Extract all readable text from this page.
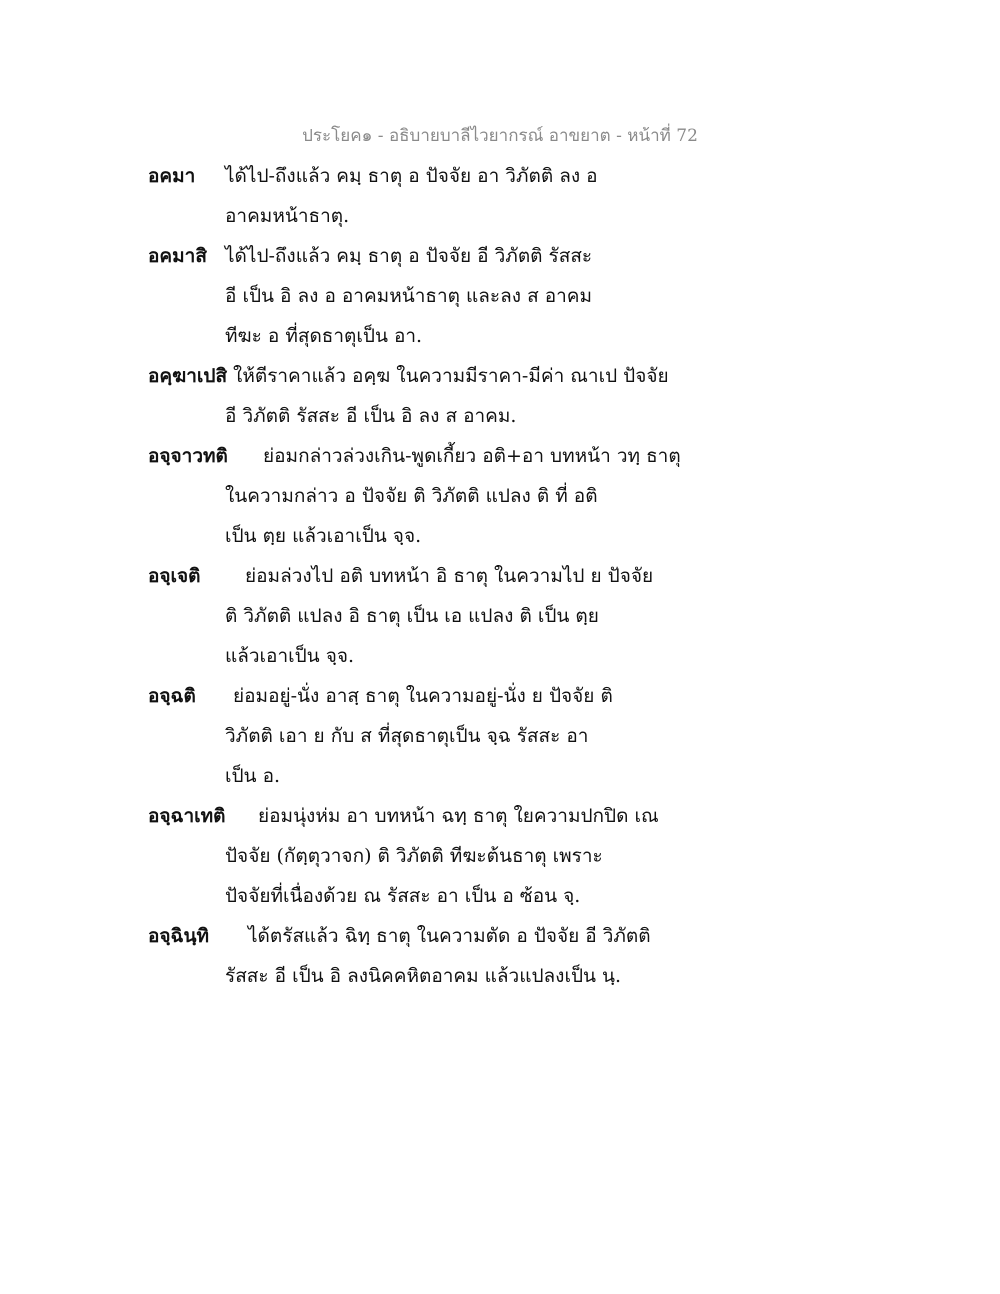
ประโยค๑ - อธิบายบาลีไวยากรณ์ อาขยาต - หน้าที่ 72
อคมา ได้ไป-ถึงแล้ว คมฺ ธาตุ อ ปัจจัย อา วิภัตติ ลง อ
อาคมหน้าธาตุ.
อคมาสิ ได้ไป-ถึงแล้ว คมฺ ธาตุ อ ปัจจัย อี วิภัตติ รัสสะ
อี เป็น อิ ลง อ อาคมหน้าธาตุ และลง ส อาคม
ทีฆะ อ ที่สุดธาตุเป็น อา.
อคฺฆาเปสิ ให้ตีราคาแล้ว อคฺฆ ในความมีราคา-มีค่า ณาเป ปัจจัย
อี วิภัตติ รัสสะ อี เป็น อิ ลง ส อาคม.
อจฺจาวทติ ย่อมกล่าวล่วงเกิน-พูดเกี้ยว อติ+อา บทหน้า วทฺ ธาตุ
ในความกล่าว อ ปัจจัย ติ วิภัตติ แปลง ติ ที่ อติ
เป็น ตฺย แล้วเอาเป็น จฺจ.
อจฺเจติ ย่อมล่วงไป อติ บทหน้า อิ ธาตุ ในความไป ย ปัจจัย
ติ วิภัตติ แปลง อิ ธาตุ เป็น เอ แปลง ติ เป็น ตฺย
แล้วเอาเป็น จฺจ.
อจฺฉติ ย่อมอยู่-นั่ง อาสฺ ธาตุ ในความอยู่-นั่ง ย ปัจจัย ติ
วิภัตติ เอา ย กับ ส ที่สุดธาตุเป็น จฺฉ รัสสะ อา
เป็น อ.
อจฺฉาเทติ ย่อมนุ่งห่ม อา บทหน้า ฉทฺ ธาตุ ใยความปกปิด เณ
ปัจจัย (กัตฺตุวาจก) ติ วิภัตติ ทีฆะต้นธาตุ เพราะ
ปัจจัยที่เนื่องด้วย ณ รัสสะ อา เป็น อ ซ้อน จฺ.
อจฺฉินฺทิ ได้ตรัสแล้ว ฉิทฺ ธาตุ ในความตัด อ ปัจจัย อี วิภัตติ
รัสสะ อี เป็น อิ ลงนิคคหิตอาคม แล้วแปลงเป็น นฺ.
